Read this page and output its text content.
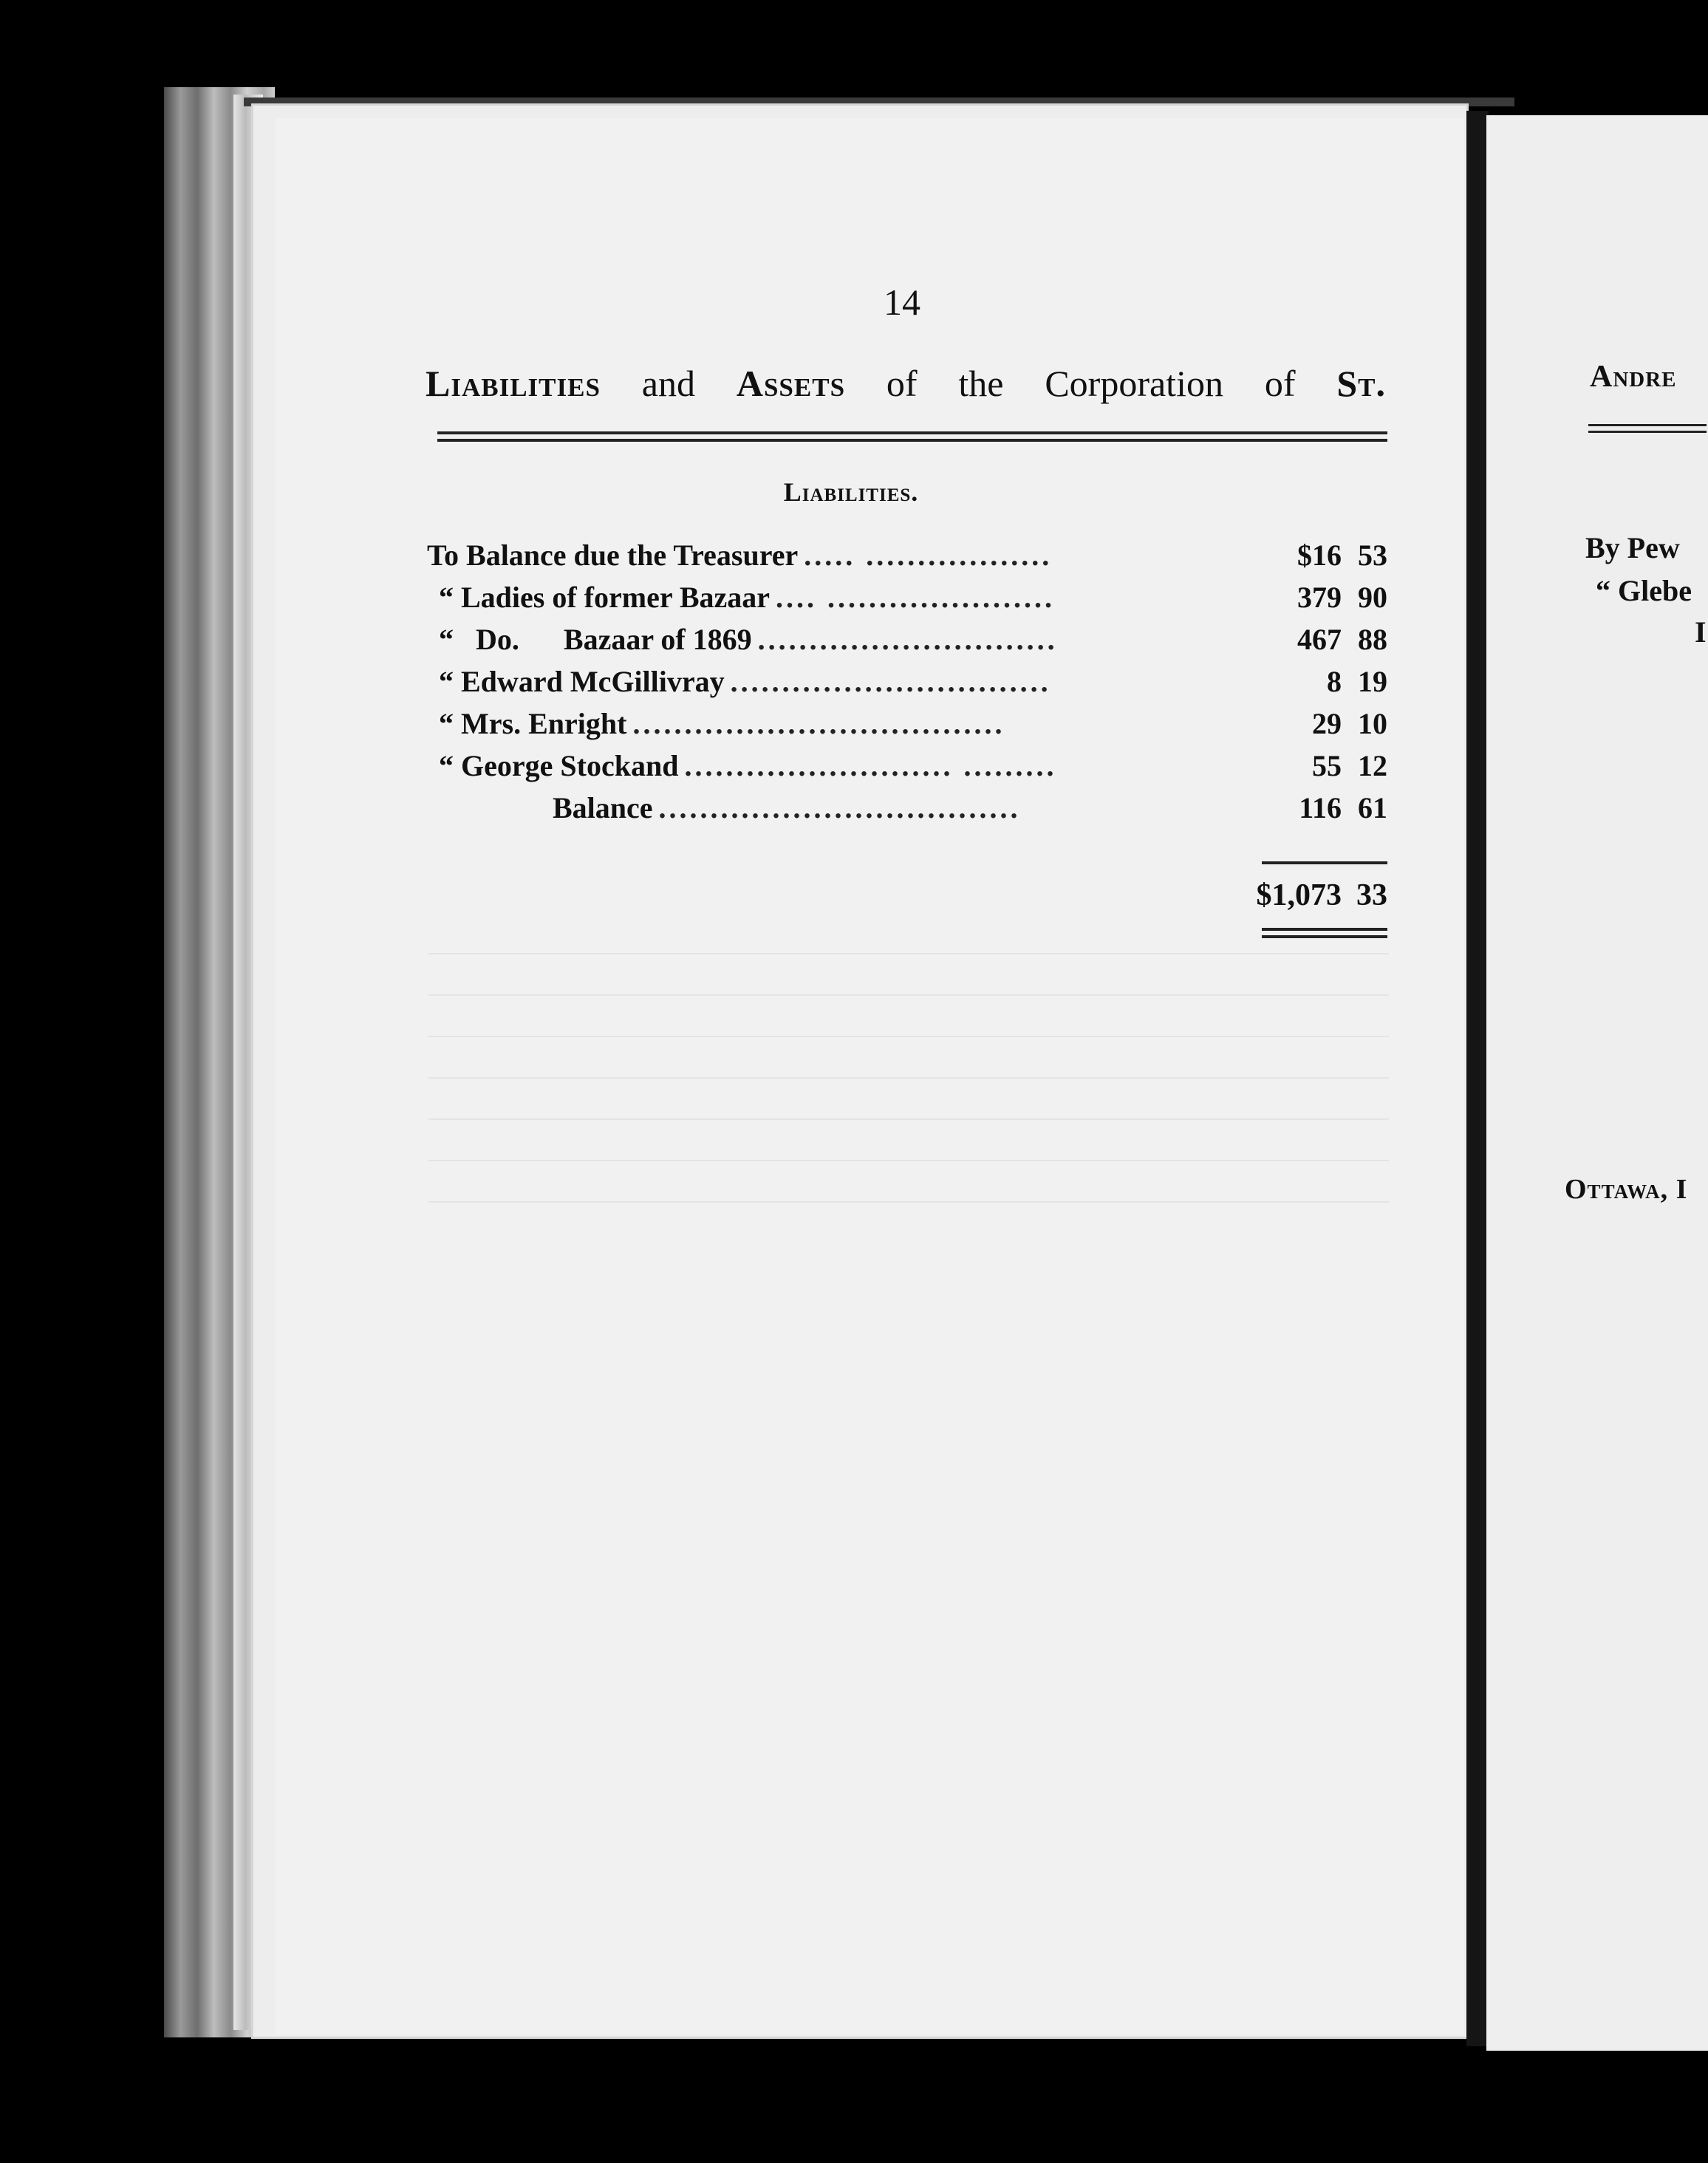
14
Liabilities and Assets of the Corporation of St.
Liabilities.
To Balance due the Treasurer ..... ..................	$16 53
“ Ladies of former Bazaar .... ......................	379 90
“   Do.      Bazaar of 1869 .............................	467 88
“ Edward McGillivray ...............................	8 19
“ Mrs. Enright ....................................	29 10
“ George Stockand .......................... .........	55 12
Balance ...................................	116 61
$1,073 33
Andre
By Pew
“ Glebe
I
Ottawa, I
